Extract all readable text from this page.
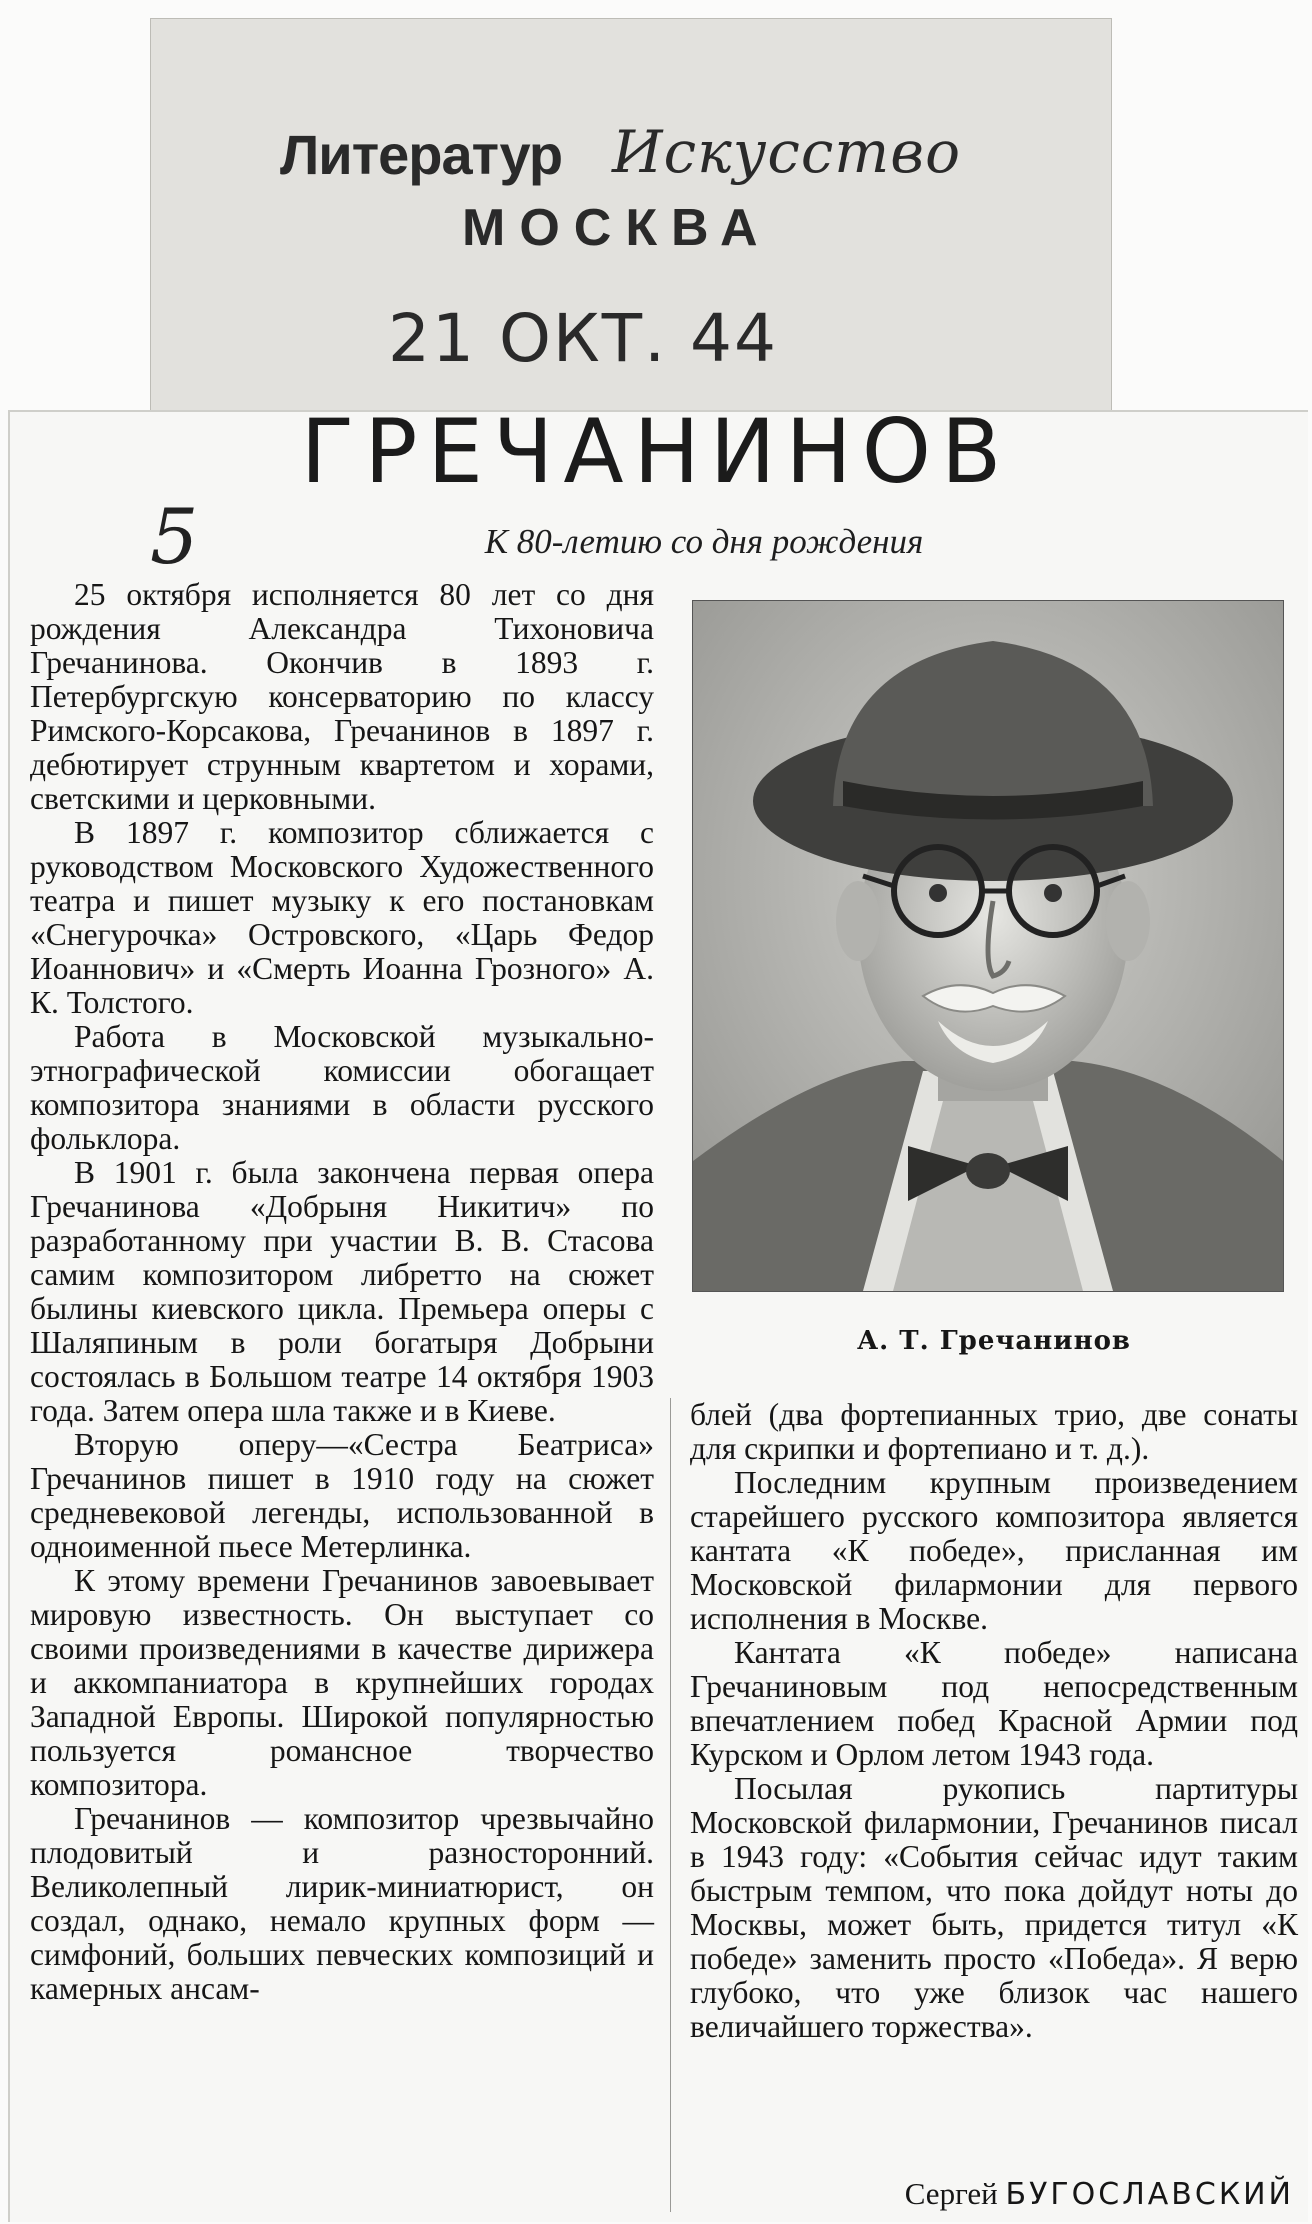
Литератур Искусство
МОСКВА
21 ОКТ. 44
ГРЕЧАНИНОВ
5	К 80-летию со дня рождения

25 октября исполняется 80 лет со дня рождения Александра Тихоновича Гречанинова. Окончив в 1893 г. Петербургскую консерваторию по классу Римского-Корсакова, Гречанинов в 1897 г. дебютирует струнным квартетом и хорами, светскими и церковными.

В 1897 г. композитор сближается с руководством Московского Художественного театра и пишет музыку к его постановкам «Снегурочка» Островского, «Царь Федор Иоаннович» и «Смерть Иоанна Грозного» А. К. Толстого.

Работа в Московской музыкально-этнографической комиссии обогащает композитора знаниями в области русского фольклора.

В 1901 г. была закончена первая опера Гречанинова «Добрыня Никитич» по разработанному при участии В. В. Стасова самим композитором либретто на сюжет былины киевского цикла. Премьера оперы с Шаляпиным в роли богатыря Добрыни состоялась в Большом театре 14 октября 1903 года. Затем опера шла также и в Киеве.

Вторую оперу—«Сестра Беатриса» Гречанинов пишет в 1910 году на сюжет средневековой легенды, использованной в одноименной пьесе Метерлинка.

К этому времени Гречанинов завоевывает мировую известность. Он выступает со своими произведениями в качестве дирижера и аккомпаниатора в крупнейших городах Западной Европы. Широкой популярностью пользуется романсное творчество композитора.

Гречанинов — композитор чрезвычайно плодовитый и разносторонний. Великолепный лирик-миниатюрист, он создал, однако, немало крупных форм — симфоний, больших певческих композиций и камерных ансам-

А. Т. Гречанинов

блей (два фортепианных трио, две сонаты для скрипки и фортепиано и т. д.).

Последним крупным произведением старейшего русского композитора является кантата «К победе», присланная им Московской филармонии для первого исполнения в Москве.

Кантата «К победе» написана Гречаниновым под непосредственным впечатлением побед Красной Армии под Курском и Орлом летом 1943 года.

Посылая рукопись партитуры Московской филармонии, Гречанинов писал в 1943 году: «События сейчас идут таким быстрым темпом, что пока дойдут ноты до Москвы, может быть, придется титул «К победе» заменить просто «Победа». Я верю глубоко, что уже близок час нашего величайшего торжества».

Сергей БУГОСЛАВСКИЙ
